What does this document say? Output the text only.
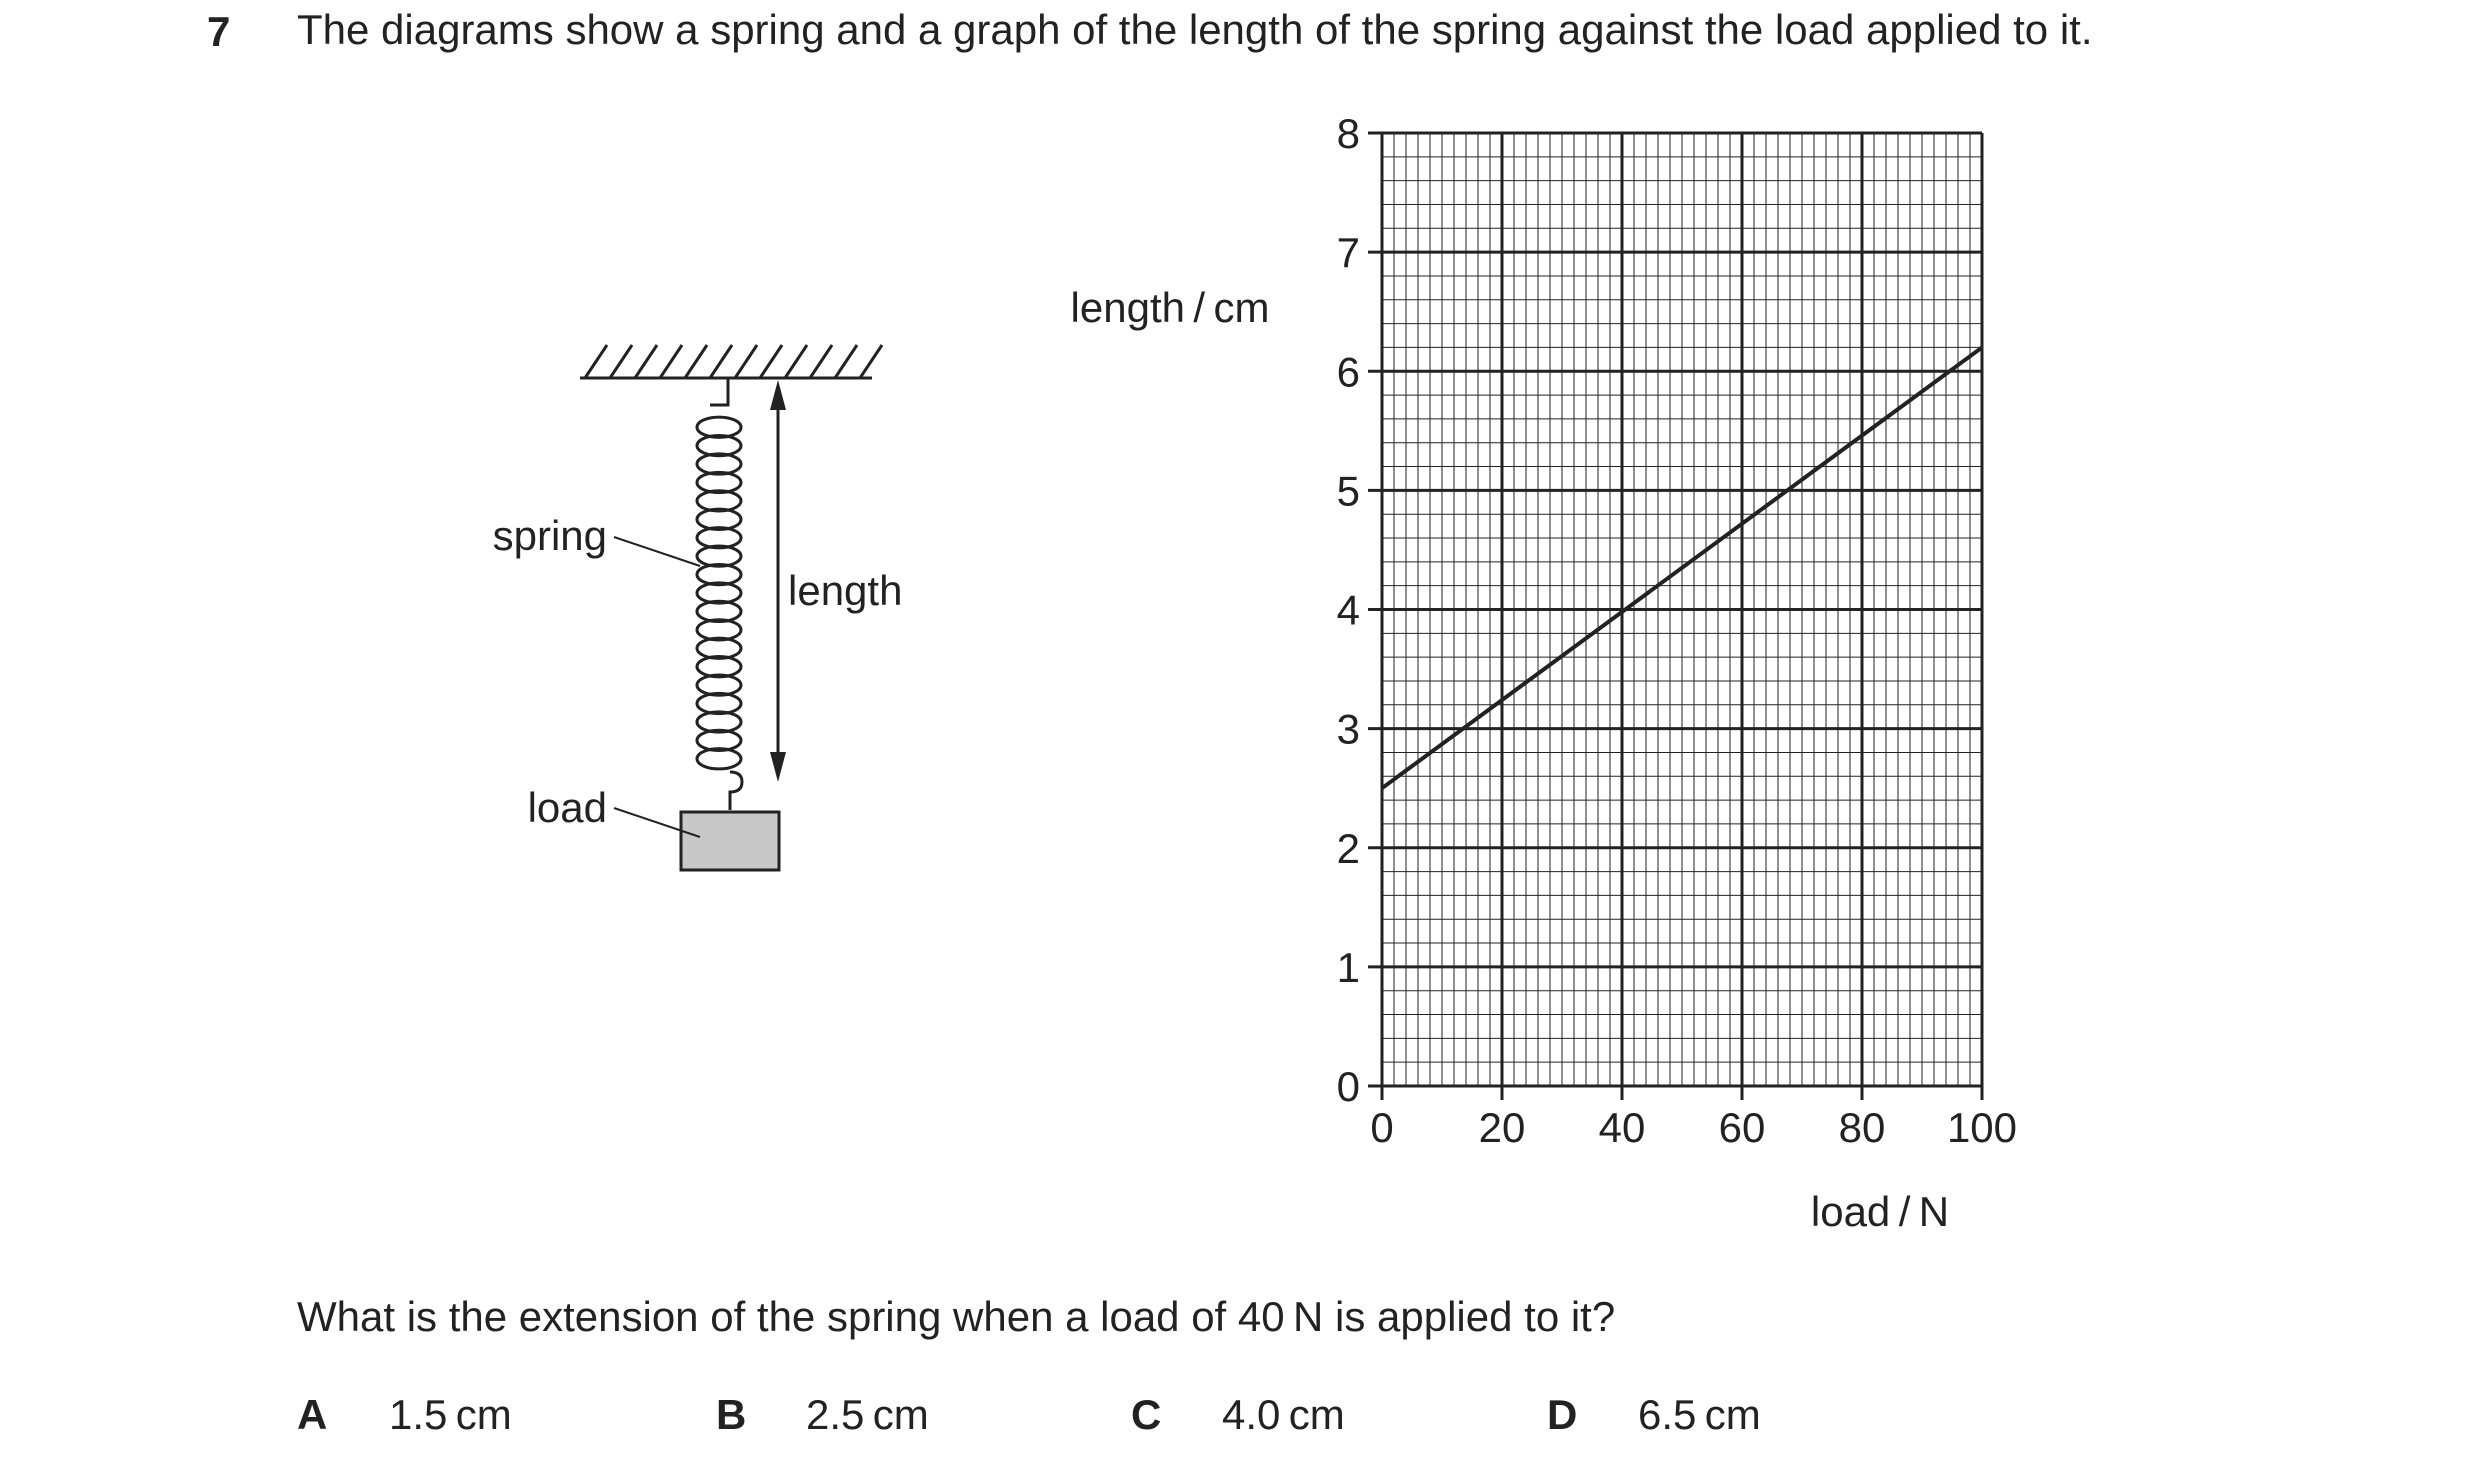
7 The diagrams show a spring and a graph of the length of the spring against the load applied to it.
spring
load
length
0
1
2
3
4
5
6
7
8
0 20 40 60 80 100
length / cm
load / N
What is the extension of the spring when a load of 40 N is applied to it?
A 1.5 cm	B 2.5 cm	C 4.0 cm	D 6.5 cm
